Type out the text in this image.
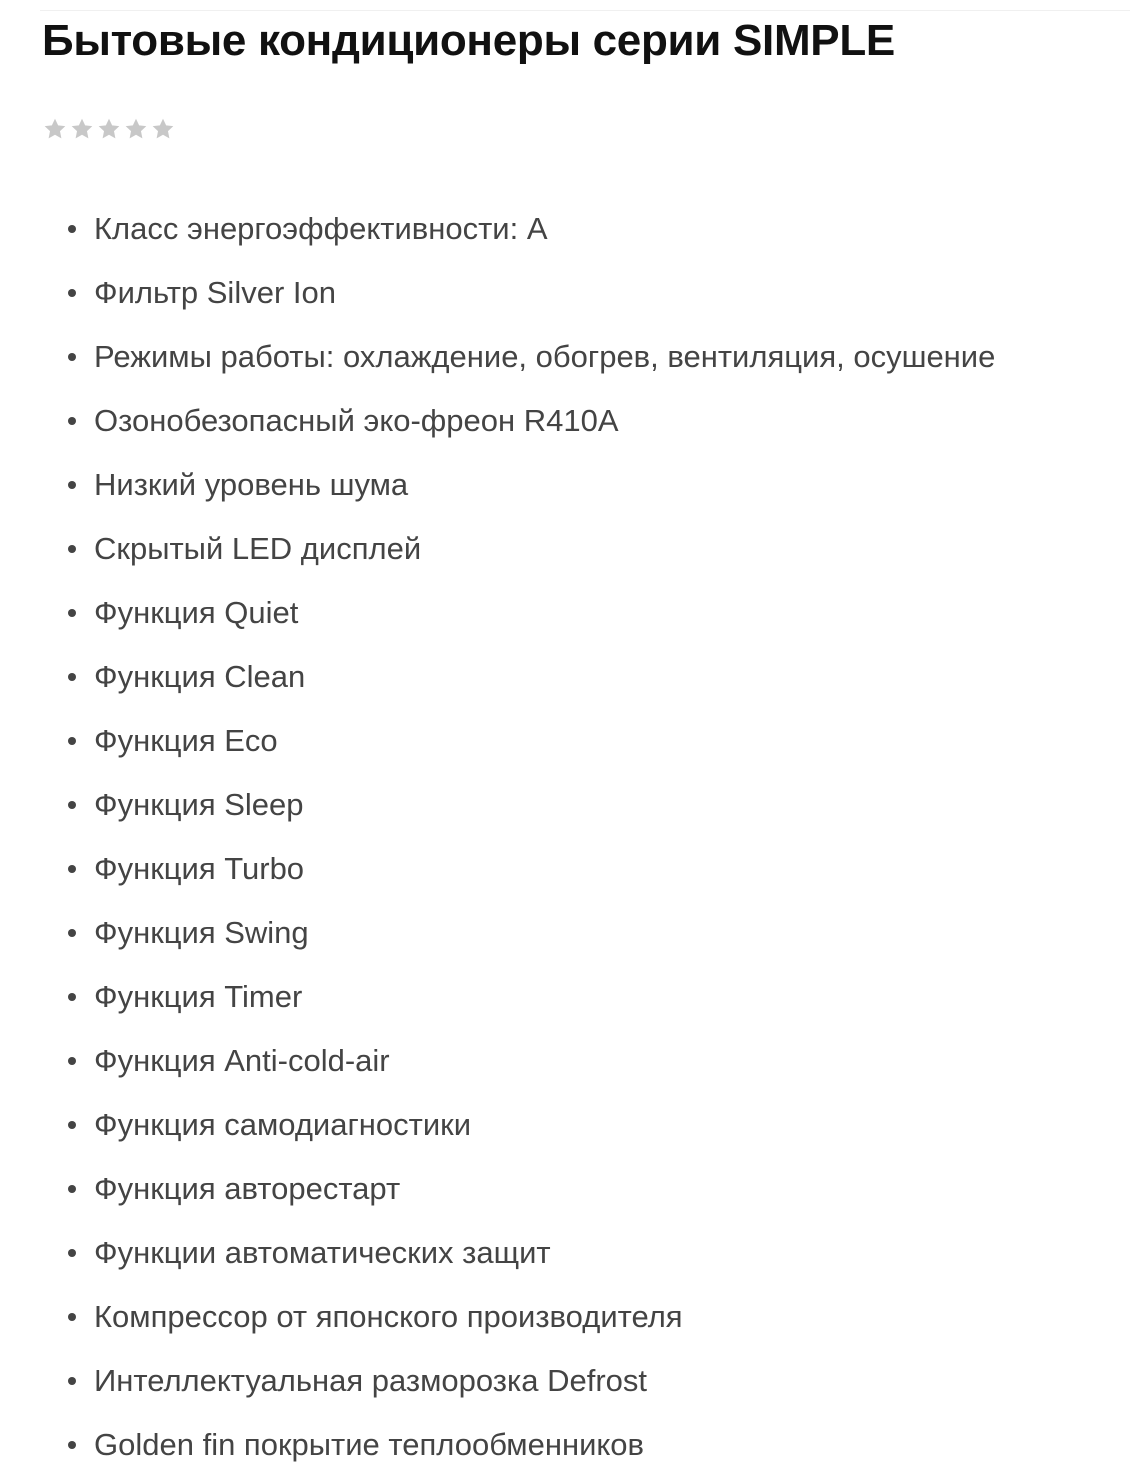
Бытовые кондиционеры серии SIMPLE
Класс энергоэффективности: А
Фильтр Silver Ion
Режимы работы: охлаждение, обогрев, вентиляция, осушение
Озонобезопасный эко-фреон R410A
Низкий уровень шума
Скрытый LED дисплей
Функция Quiet
Функция Clean
Функция Eco
Функция Sleep
Функция Turbo
Функция Swing
Функция Timer
Функция Anti-cold-air
Функция самодиагностики
Функция авторестарт
Функции автоматических защит
Компрессор от японского производителя
Интеллектуальная разморозка Defrost
Golden fin покрытие теплообменников
